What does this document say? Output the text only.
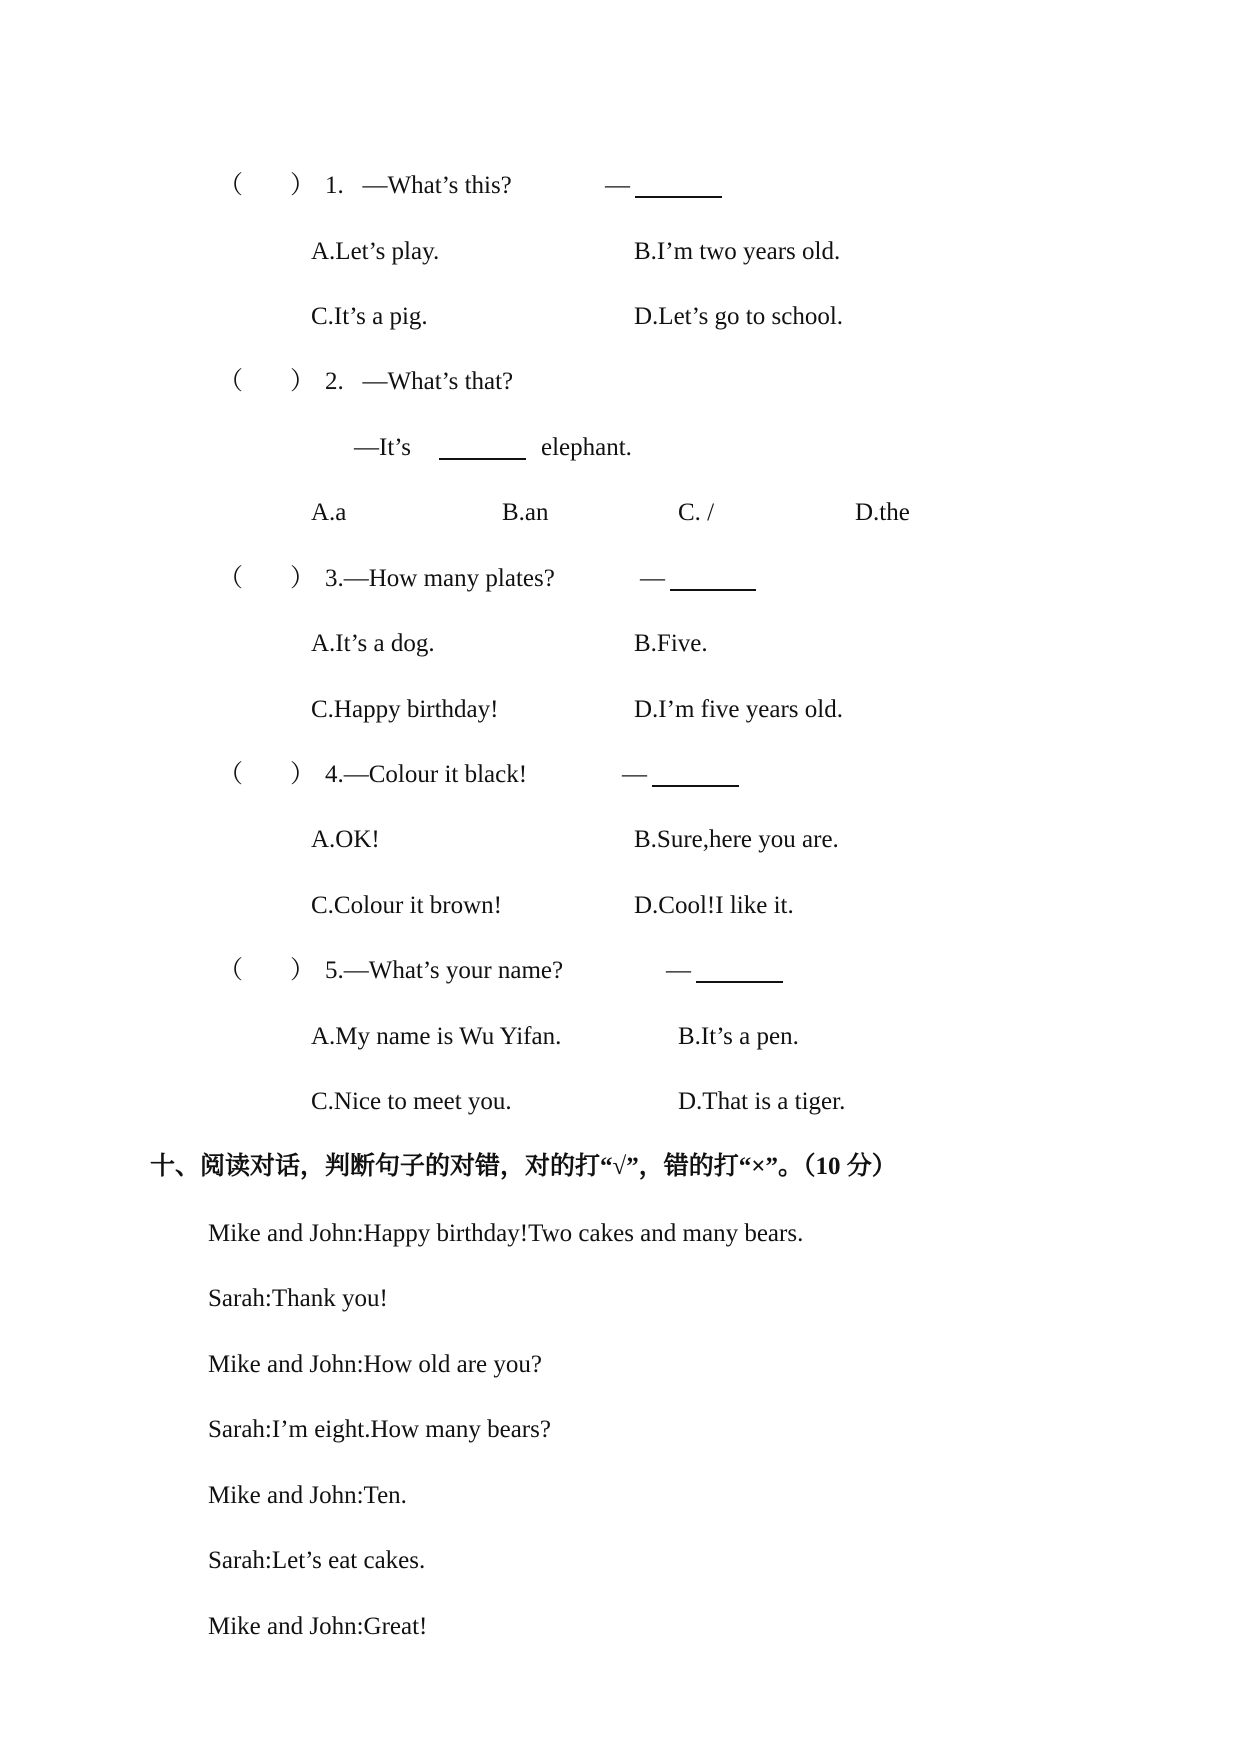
（ ） 1.   —What’s this?	—
A.Let’s play.	B.I’m two years old.
C.It’s a pig.	D.Let’s go to school.
（ ） 2.   —What’s that?
—It’s	elephant.
A.a	B.an	C. /	D.the
（ ） 3.—How many plates?	—
A.It’s a dog.	B.Five.
C.Happy birthday!	D.I’m five years old.
（ ） 4.—Colour it black!	—
A.OK!	B.Sure,here you are.
C.Colour it brown!	D.Cool!I like it.
（ ） 5.—What’s your name?	—
A.My name is Wu Yifan.	B.It’s a pen.
C.Nice to meet you.	D.That is a tiger.
十、阅读对话，判断句子的对错，对的打“√”，错的打“×”。（10 分）
Mike and John:Happy birthday!Two cakes and many bears.
Sarah:Thank you!
Mike and John:How old are you?
Sarah:I’m eight.How many bears?
Mike and John:Ten.
Sarah:Let’s eat cakes.
Mike and John:Great!
